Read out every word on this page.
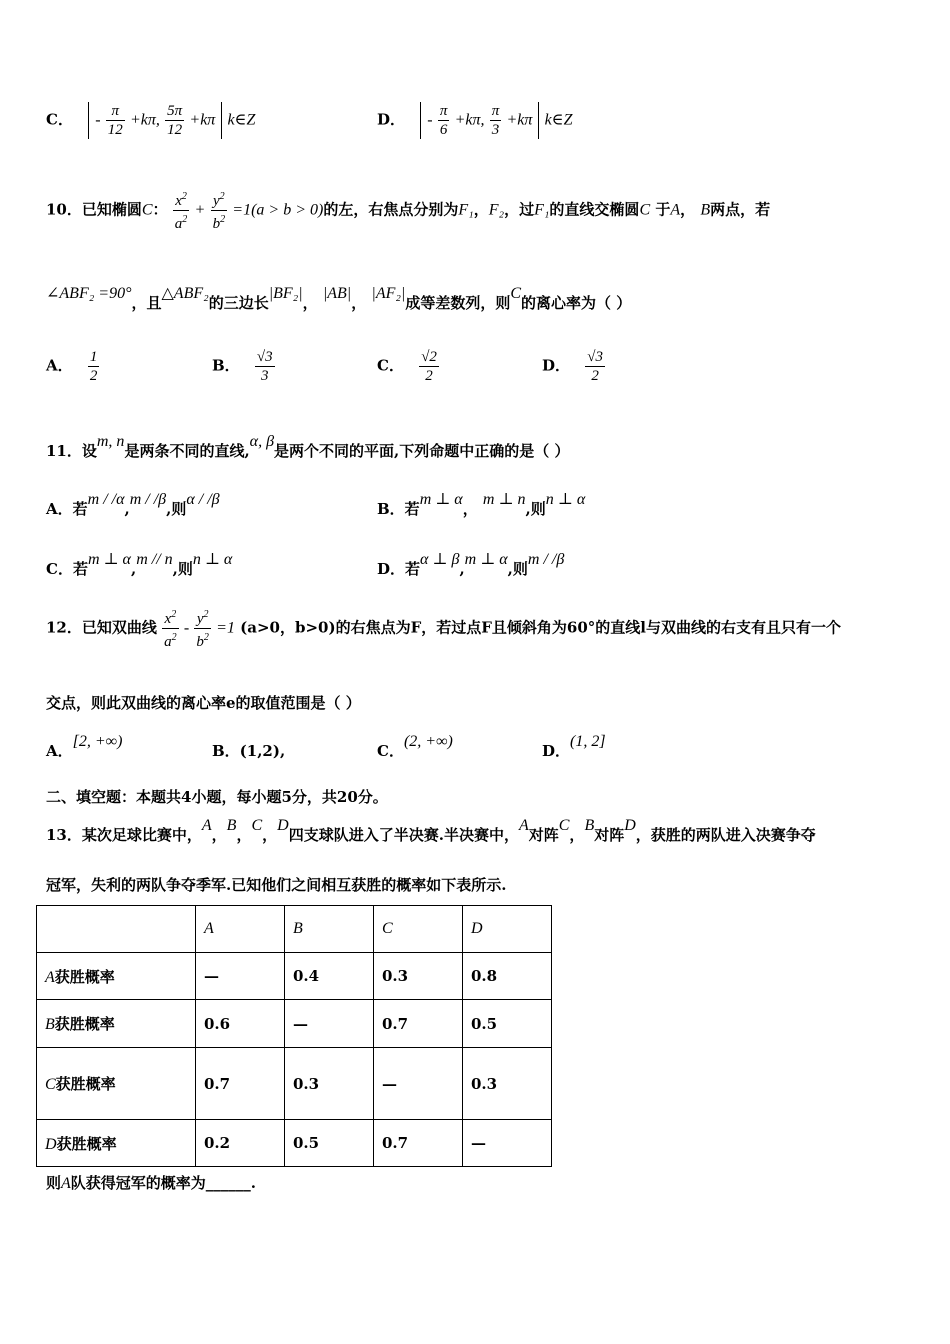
C． - $\frac{\pi}{12} +k\pi$, $\frac{5\pi}{12} +k\pi$ k∈Z	D． - $\frac{\pi}{6} +k\pi$, $\frac{\pi}{3} +k\pi$ k∈Z
10．已知椭圆C： $\frac{x^2}{a^2} + \frac{y^2}{b^2} =1(a > b > 0)$的左，右焦点分别为F₁，F₂，过F₁的直线交椭圆C 于A， B两点，若
∠ABF₂ =90°，且△ABF₂的三边长|BF₂|， |AB|， |AF₂|成等差数列，则C的离心率为（ ）
A． $\frac{1}{2}$	B． $\frac{√3}{3}$	C． $\frac{√2}{2}$	D． $\frac{√3}{2}$
11．设m, n是两条不同的直线,α, β是两个不同的平面,下列命题中正确的是（ ）
A．若m / /α,m / /β,则α / /β
B．若m ⊥ α， m ⊥ n,则n ⊥ α
C．若m ⊥ α,m // n,则n ⊥ α
D．若α ⊥ β,m ⊥ α,则m / /β
12．已知双曲线 $\frac{x^2}{a^2} - \frac{y^2}{b^2} =1$ (a>0，b>0)的右焦点为F，若过点F且倾斜角为60°的直线l与双曲线的右支有且只有一个
交点，则此双曲线的离心率e的取值范围是（ ）
A．[2, +∞)
B．(1,2),	C．(2, +∞)
D．(1, 2]
二、填空题：本题共4小题，每小题5分，共20分。
13．某次足球比赛中，A，B，C，D四支球队进入了半决赛.半决赛中，A对阵C，B对阵D，获胜的两队进入决赛争夺
冠军，失利的两队争夺季军.已知他们之间相互获胜的概率如下表所示.
	A	B	C	D
A获胜概率	—	0.4	0.3	0.8
B获胜概率	0.6	—	0.7	0.5
C获胜概率	0.7	0.3	—	0.3
D获胜概率	0.2	0.5	0.7	—
则A队获得冠军的概率为______.
